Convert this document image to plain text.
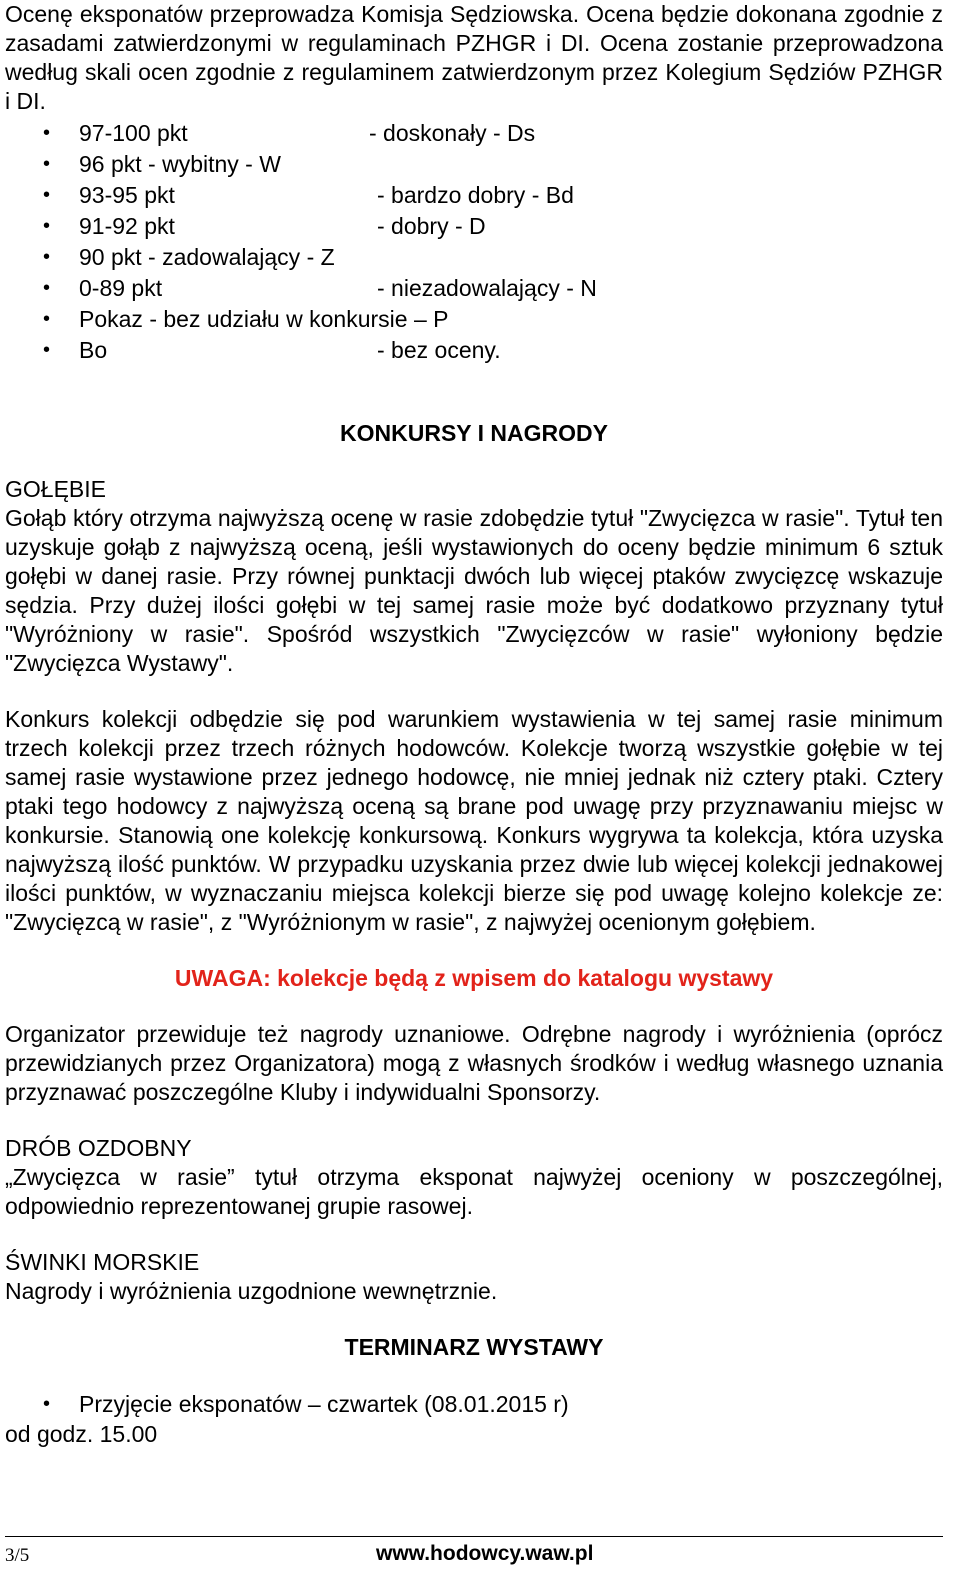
Ocenę eksponatów przeprowadza Komisja Sędziowska. Ocena będzie dokonana zgodnie z zasadami zatwierdzonymi w regulaminach PZHGR i DI. Ocena zostanie przeprowadzona według skali ocen zgodnie z regulaminem zatwierdzonym przez Kolegium Sędziów PZHGR i DI.

• 97-100 pkt	- doskonały - Ds
• 96 pkt - wybitny - W
• 93-95 pkt	- bardzo dobry - Bd
• 91-92 pkt	- dobry - D
• 90 pkt - zadowalający - Z
• 0-89 pkt	- niezadowalający - N
• Pokaz - bez udziału w konkursie – P
• Bo	- bez oceny.
KONKURSY I NAGRODY

GOŁĘBIE

Gołąb który otrzyma najwyższą ocenę w rasie zdobędzie tytuł "Zwycięzca w rasie". Tytuł ten uzyskuje gołąb z najwyższą oceną, jeśli wystawionych do oceny będzie minimum 6 sztuk gołębi w danej rasie. Przy równej punktacji dwóch lub więcej ptaków zwycięzcę wskazuje sędzia. Przy dużej ilości gołębi w tej samej rasie może być dodatkowo przyznany tytuł "Wyróżniony w rasie". Spośród wszystkich "Zwycięzców w rasie" wyłoniony będzie "Zwycięzca Wystawy".

Konkurs kolekcji odbędzie się pod warunkiem wystawienia w tej samej rasie minimum trzech kolekcji przez trzech różnych hodowców. Kolekcje tworzą wszystkie gołębie w tej samej rasie wystawione przez jednego hodowcę, nie mniej jednak niż cztery ptaki. Cztery ptaki tego hodowcy z najwyższą oceną są brane pod uwagę przy przyznawaniu miejsc w konkursie. Stanowią one kolekcję konkursową. Konkurs wygrywa ta kolekcja, która uzyska najwyższą ilość punktów. W przypadku uzyskania przez dwie lub więcej kolekcji jednakowej ilości punktów, w wyznaczaniu miejsca kolekcji bierze się pod uwagę kolejno kolekcje ze: "Zwycięzcą w rasie", z "Wyróżnionym w rasie", z najwyżej ocenionym gołębiem.

UWAGA: kolekcje będą z wpisem do katalogu wystawy

Organizator przewiduje też nagrody uznaniowe. Odrębne nagrody i wyróżnienia (oprócz przewidzianych przez Organizatora) mogą z własnych środków i według własnego uznania przyznawać poszczególne Kluby i indywidualni Sponsorzy.

DRÓB OZDOBNY

„Zwycięzca w rasie” tytuł otrzyma eksponat najwyżej oceniony w poszczególnej, odpowiednio reprezentowanej grupie rasowej.

ŚWINKI MORSKIE

Nagrody i wyróżnienia uzgodnione wewnętrznie.

TERMINARZ WYSTAWY
• Przyjęcie eksponatów – czwartek (08.01.2015 r)

od godz. 15.00

3/5	www.hodowcy.waw.pl
